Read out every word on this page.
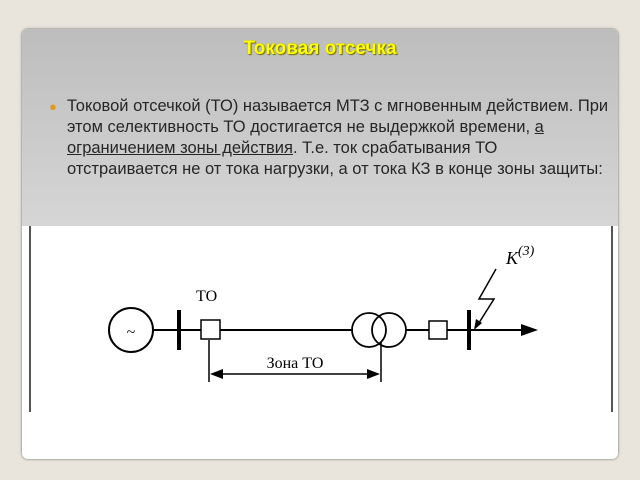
Токовая отсечка
● Токовой отсечкой (ТО) называется МТЗ с мгновенным действием. При этом селективность ТО достигается не выдержкой времени, а ограничением зоны действия. Т.е. ток срабатывания ТО отстраивается не от тока нагрузки, а от тока КЗ в конце зоны защиты:
~
ТО
$K^{(3)}$
Зона ТО
